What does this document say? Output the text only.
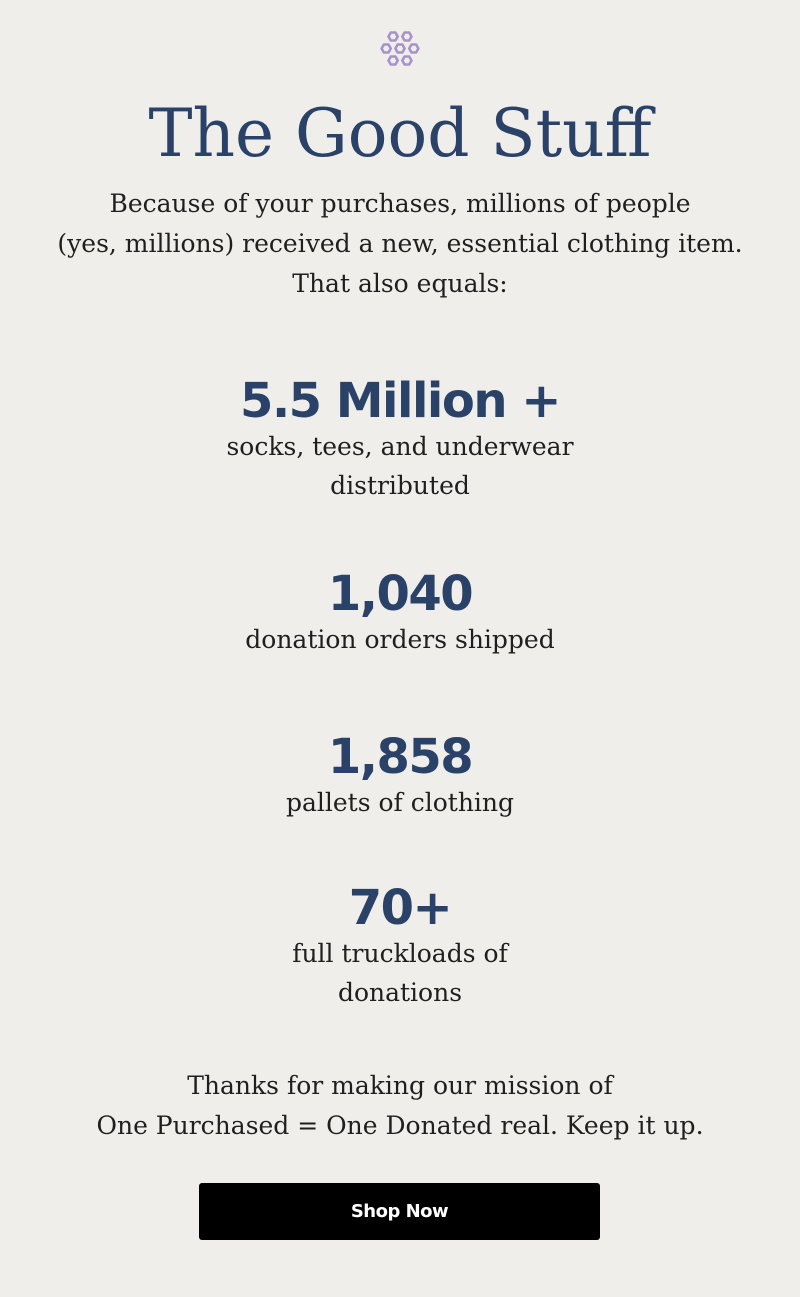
The Good Stuff
Because of your purchases, millions of people
(yes, millions) received a new, essential clothing item.
That also equals:
5.5 Million +
socks, tees, and underwear
distributed
1,040
donation orders shipped
1,858
pallets of clothing
70+
full truckloads of
donations
Thanks for making our mission of
One Purchased = One Donated real. Keep it up.
Shop Now
